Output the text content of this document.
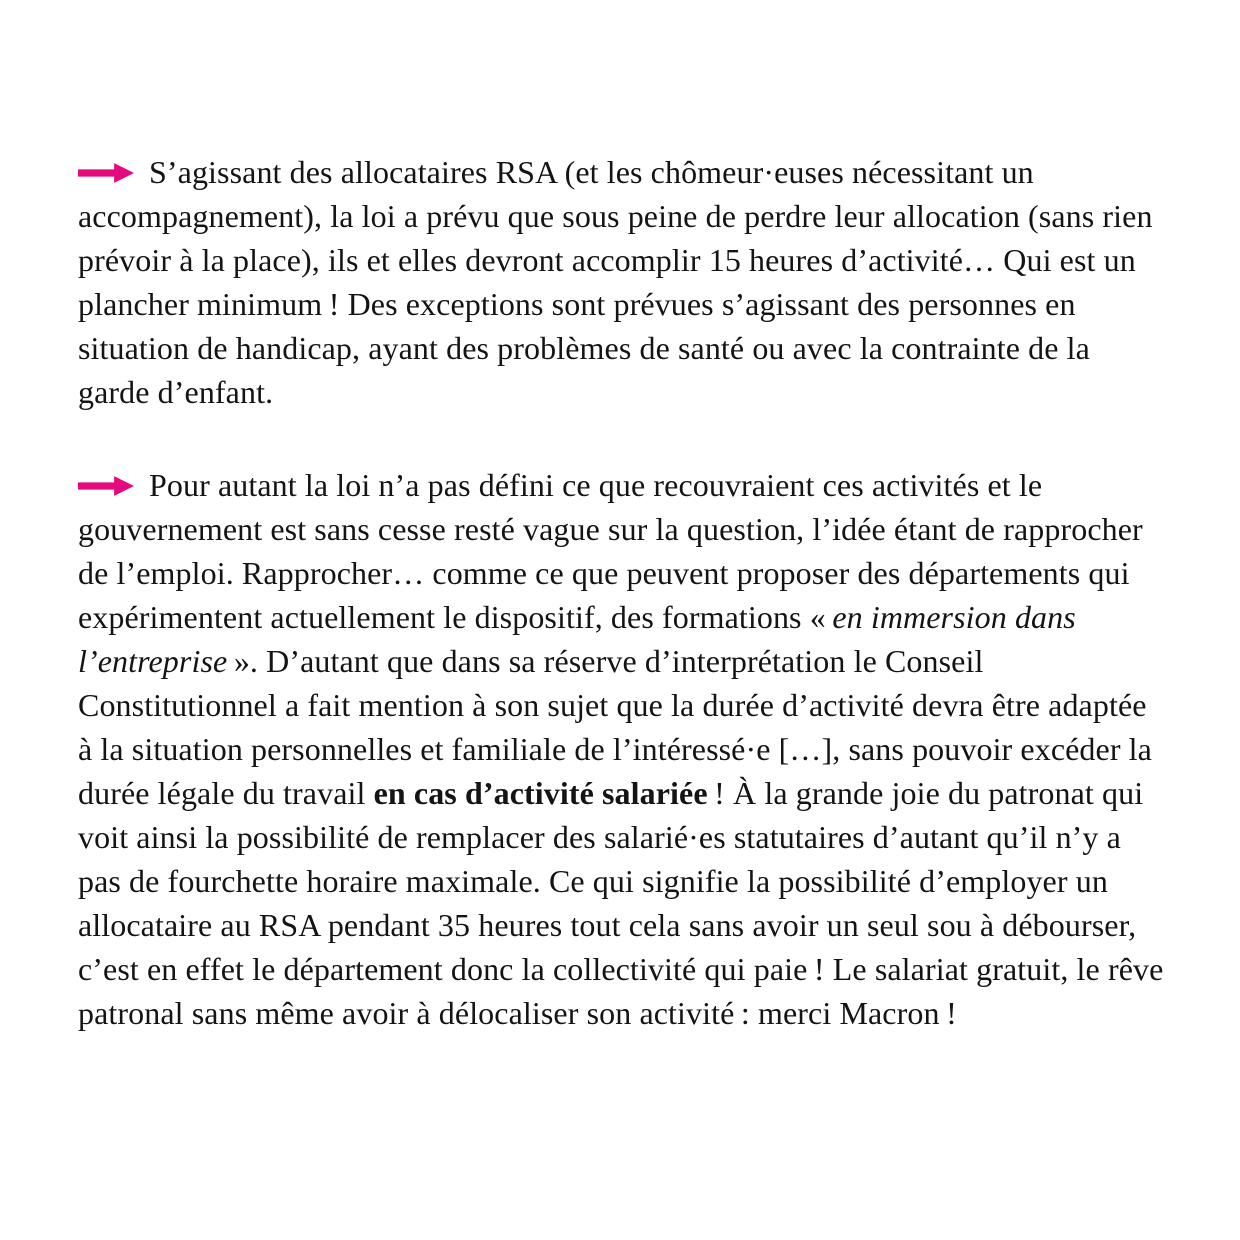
S’agissant des allocataires RSA (et les chômeur·euses nécessitant un accompagnement), la loi a prévu que sous peine de perdre leur allocation (sans rien prévoir à la place), ils et elles devront accomplir 15 heures d’activité… Qui est un plancher minimum ! Des exceptions sont prévues s’agissant des personnes en situation de handicap, ayant des problèmes de santé ou avec la contrainte de la garde d’enfant.

Pour autant la loi n’a pas défini ce que recouvraient ces activités et le gouvernement est sans cesse resté vague sur la question, l’idée étant de rapprocher de l’emploi. Rapprocher… comme ce que peuvent proposer des départements qui expérimentent actuellement le dispositif, des formations « en immersion dans l’entreprise ». D’autant que dans sa réserve d’interprétation le Conseil Constitutionnel a fait mention à son sujet que la durée d’activité devra être adaptée à la situation personnelles et familiale de l’intéressé·e […], sans pouvoir excéder la durée légale du travail en cas d’activité salariée ! À la grande joie du patronat qui voit ainsi la possibilité de remplacer des salarié·es statutaires d’autant qu’il n’y a pas de fourchette horaire maximale. Ce qui signifie la possibilité d’employer un allocataire au RSA pendant 35 heures tout cela sans avoir un seul sou à débourser, c’est en effet le département donc la collectivité qui paie ! Le salariat gratuit, le rêve patronal sans même avoir à délocaliser son activité : merci Macron !
